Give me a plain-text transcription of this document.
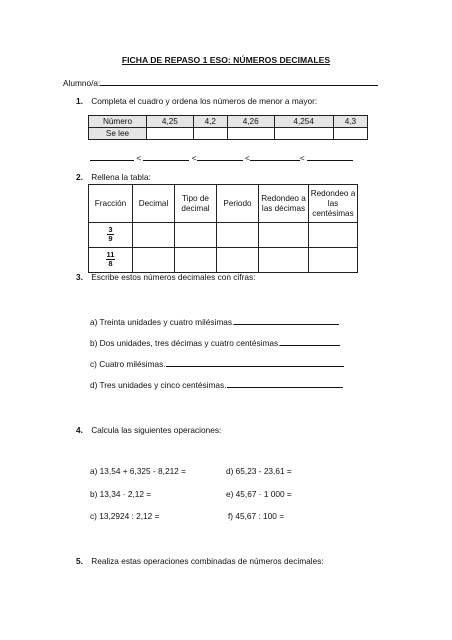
FICHA DE REPASO 1 ESO: NÚMEROS DECIMALES
Alumno/a:
1. Completa el cuadro y ordena los números de menor a mayor:
Número	4,25	4,2	4,26	4,254	4,3
Se lee					
<	<	<	<
2. Rellena la tabla:
Fracción	Decimal	Tipo de decimal	Periodo	Redondeo a las décimas	Redondeo a las centésimas

$\frac{3}{9}$

$\frac{11}{8}$

3. Escribe estos números decimales con cifras:
a) Treinta unidades y cuatro milésimas.
b) Dos unidades, tres décimas y cuatro centésimas.
c) Cuatro milésimas.
d) Tres unidades y cinco centésimas.
4. Calcula las siguientes operaciones:
a) 13,54 + 6,325 - 8,212 =	d) 65,23 - 23,61 =
b) 13,34 · 2,12 =	e) 45,67 · 1 000 =
c) 13,2924 : 2,12 =	f) 45,67 : 100 =
5. Realiza estas operaciones combinadas de números decimales:
